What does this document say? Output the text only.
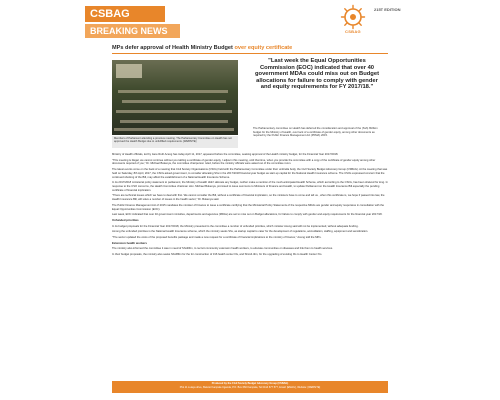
CSBAG
BREAKING NEWS	CSBAG
215T EDITION
MPs defer approval of Health Ministry Budget over equity certificate
Members of Parliament attending a previous meeting. The Parliamentary Committee on Health has not approved the Health Budget due to unfulfilled requirements. [WEBSITE]
"Last week the Equal Opportunities Commission (EOC) indicated that over 40 government MDAs could miss out on Budget allocations for failure to comply with gender and equity requirements for FY 2017/18."
The Parliamentary committee on Health has deferred the consideration and approval of the (Ssh) 8trillion budget for the Ministry of Health, over lack of a certificate of gender equity, among other documents as required by the Public Finance Management Act (PFMA) 2015.

Ministry of Health officials, led by Jane Ruth Aceng has today April 11, 2017, appeared before the committee, seeking approval of the Health ministry budget, for the Financial Year 2017/2018.

"This meeting is illegal, we cannot continue without you tabling a certificate of gender equity, I adjourn this meeting, until that time, when you provide the committee with a copy of the certificate of gender equity among other documents required of you," Dr. Michael Bukenya, the committee chairperson ruled, before the ministry officials were asked out of the committee room.

The latest events come on the back of a meeting that Civil Society Organisations (CSOs) held with the Parliamentary Committee under their umbrella body, the Civil Society Budget Advocacy Group (CSBAG). At the meeting that was held on Saturday, 8th April, 2017, the CSOs asked government, to consider allocating Shs in the 2017/2018 financial year budget as start-up capital for the National Health Insurance scheme. The CSOs expressed concern that the continued shelving of the Bill, may affect the establishment of a National Health Insurance Scheme.

In its 2017/2018 ministerial policy statement to parliament, the Ministry of Health didn't allocate any budget, neither make a mention of the much-anticipated Health Scheme, which according to the CSOs, has been shelved for long. In response to the CSO concerns, the Health Committee chairman Hon. Michael Bukenya, promised to issue summons to Ministers of Finance and Health, to update Parliament on the Health Insurance Bill especially the pending certificate of financial implication.

"There are technical issues which we have to deal with first. We cannot consider the Bill, without a certificate of financial implication, so the ministers have to come and tell us , when this certificate is, we hope if passed into law, the Health Insurance Bill, will solve a number of issues in the health sector," Dr. Bukenya said.

The Public Finance Management Act of 2015 mandates the minister of Finance to issue a certificate certifying that the Ministerial Policy Statements of the respective MDAs are gender and equity responsive in consultation with the Equal Opportunities Commission (EOC).

Last week, EOC indicated that over 40 government ministries, departments and agencies (MDAs) are set to miss out on Budget allocations, for failure to comply with gender and equity requirements for the financial year 2017/18.

Unfunded priorities

In its budget proposals for the Financial Year 2017/2018, the Ministry presented to the committee a number of unfunded priorities, which minister Aceng said will not be implemented, without adequate funding.

Among the unfunded priorities is the National Health Insurance scheme, which the ministry seeks Shs, as startup capital to cater for the development of regulations, accreditation, staffing, equipment and sensitization.

"The sector updated the costs of the proposed benefits package and made a new request for a certificate of financial implications to the ministry of finance," Aceng told the MPs.

Extension health workers

The ministry also informed the committee it was in need of Shs30bn, to recruit community extension health workers, to educate communities on diseases and link them to health services.

In their budget proposals, the ministry also seeks Shs68bn for the for construction of 316 health center IIIs, and Shs14.4bn, for the upgrading of existing IIIs to Health Center IVs.

Produced by the Civil Society Budget Advocacy Group (CSBAG)
Plot 11 Lutaya drive, Bukoto Kampala Uganda, P.O. Box 660 Kampala, Tel 0414 677 577, Email: [EMAIL], Website: [WEBSITE]
